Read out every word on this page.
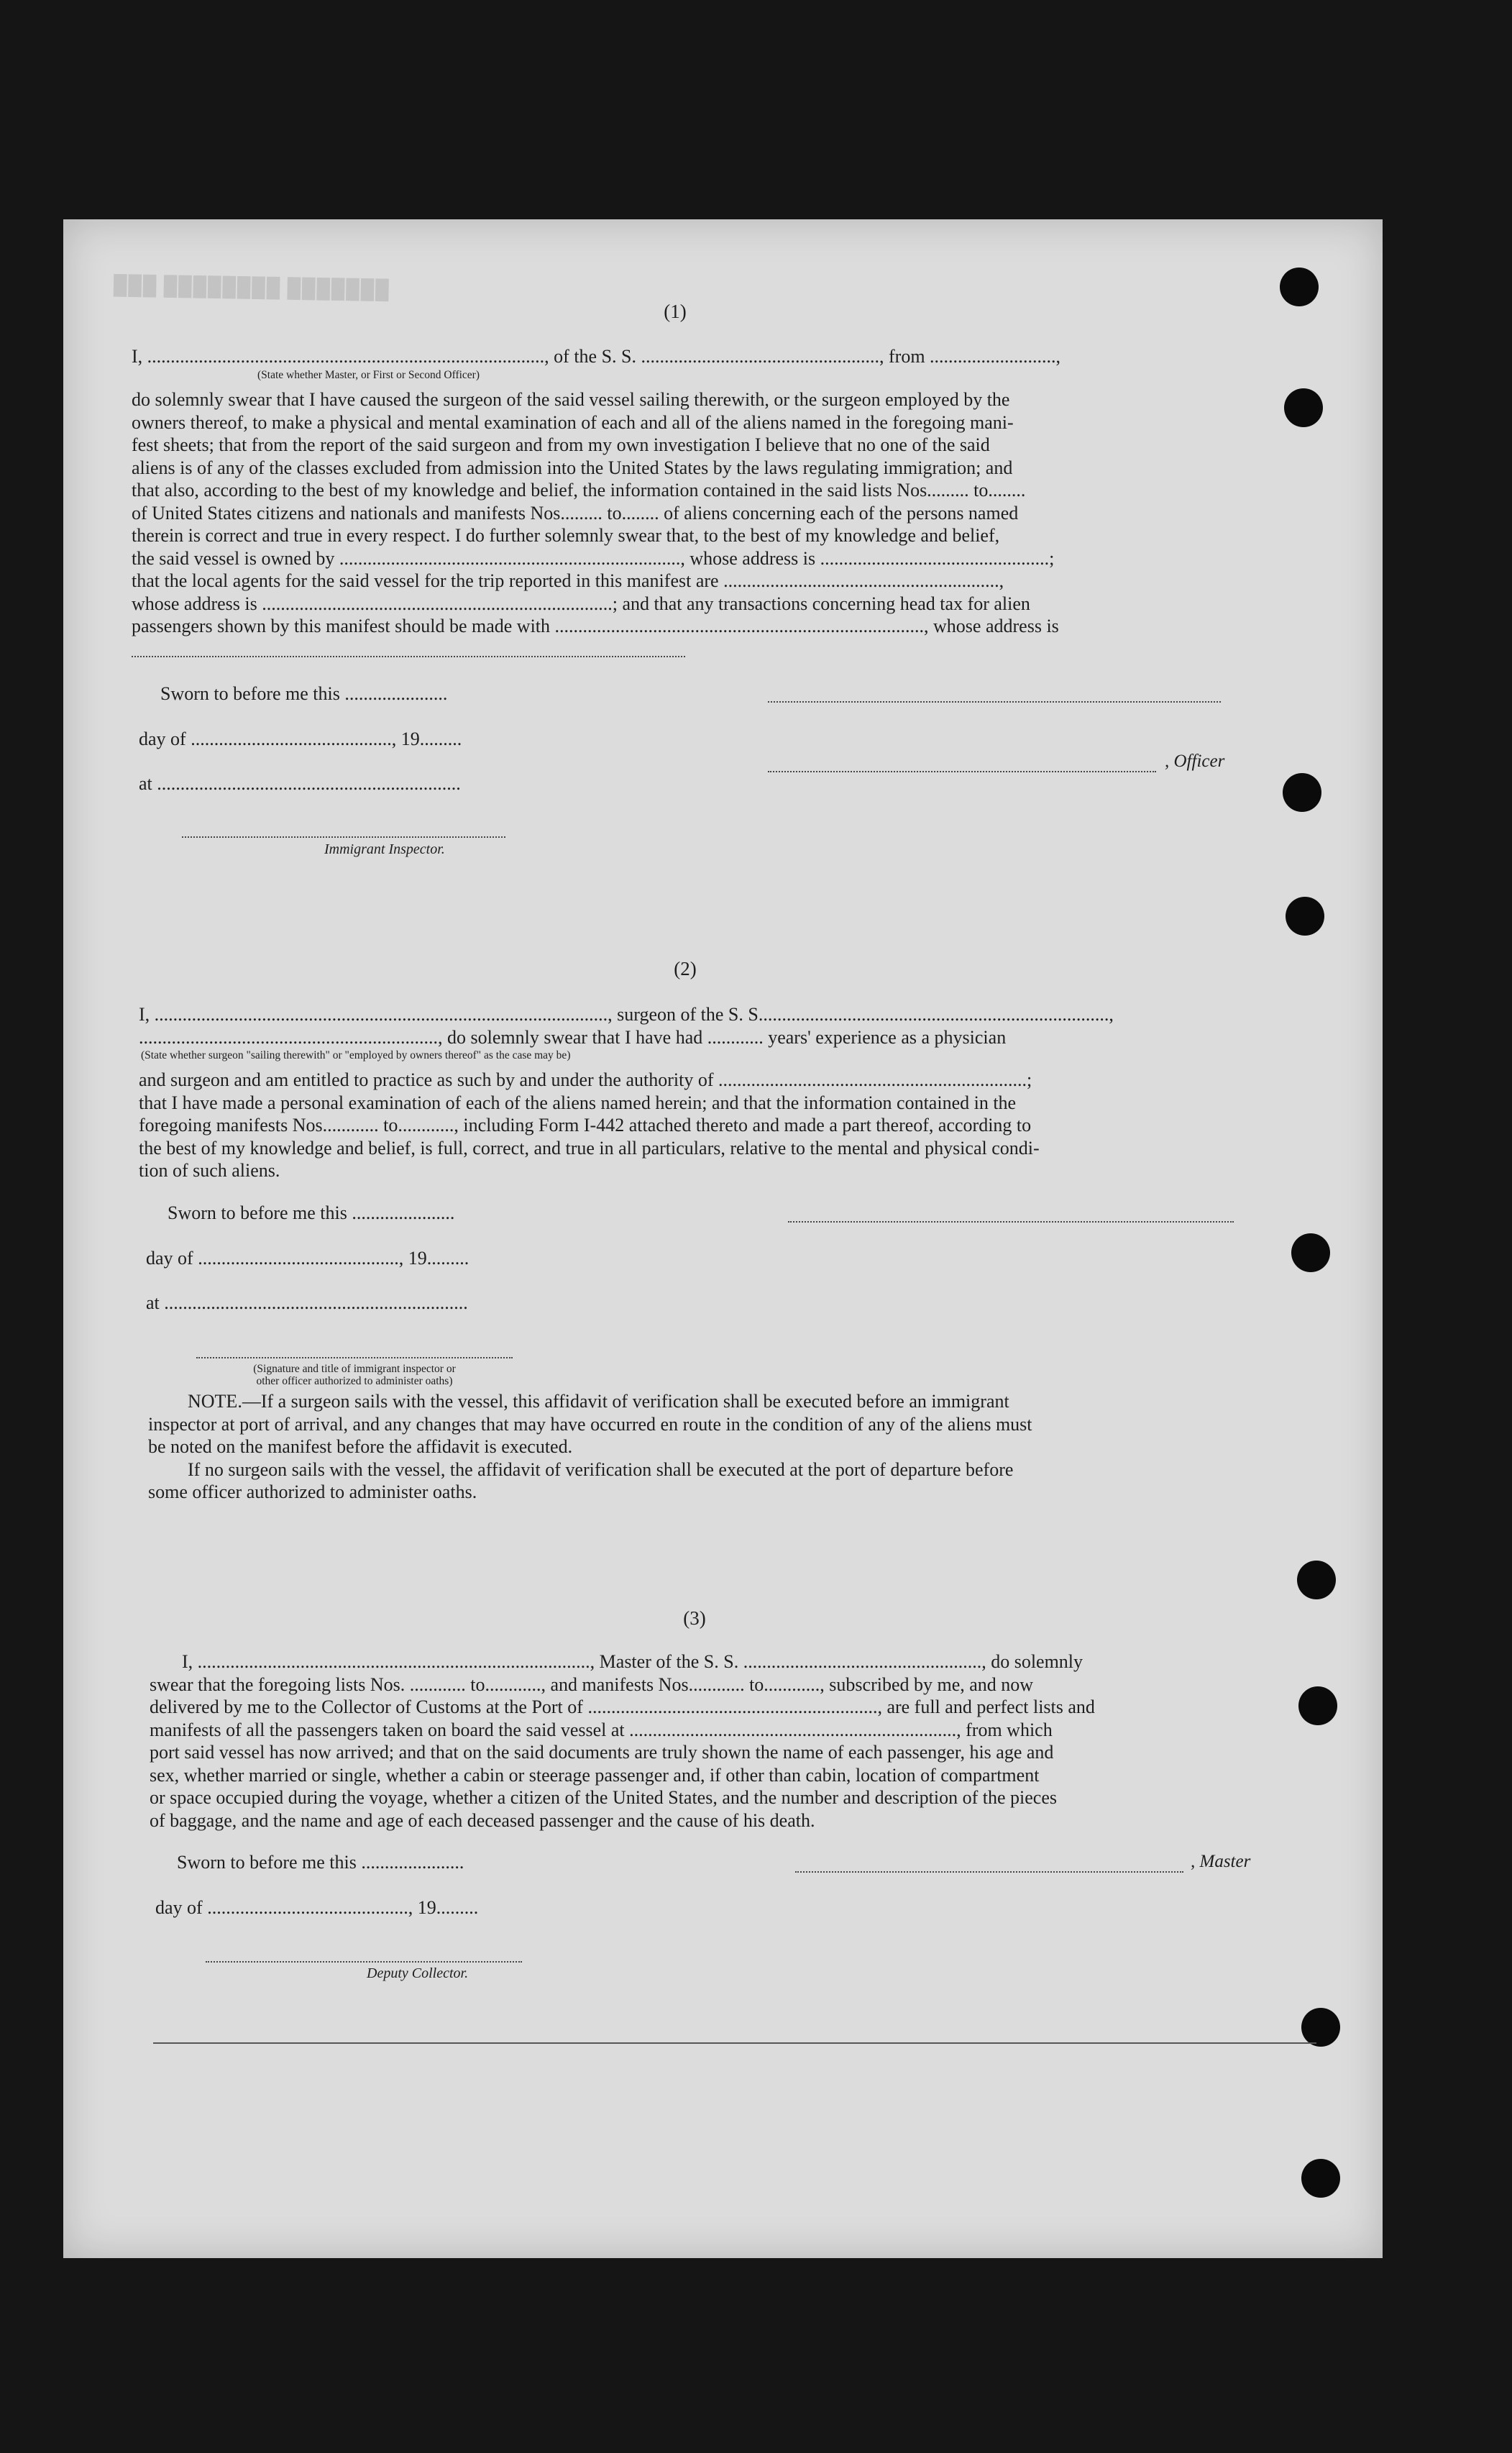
███ ████████ ███████
(1)

I, ....................................................................................., of the S. S. ..................................................., from ...........................,

(State whether Master, or First or Second Officer)

do solemnly swear that I have caused the surgeon of the said vessel sailing therewith, or the surgeon employed by the

owners thereof, to make a physical and mental examination of each and all of the aliens named in the foregoing mani-

fest sheets; that from the report of the said surgeon and from my own investigation I believe that no one of the said

aliens is of any of the classes excluded from admission into the United States by the laws regulating immigration; and

that also, according to the best of my knowledge and belief, the information contained in the said lists Nos......... to........

of United States citizens and nationals and manifests Nos......... to........ of aliens concerning each of the persons named

therein is correct and true in every respect. I do further solemnly swear that, to the best of my knowledge and belief,

the said vessel is owned by ........................................................................., whose address is .................................................;

that the local agents for the said vessel for the trip reported in this manifest are ...........................................................,

whose address is ...........................................................................; and that any transactions concerning head tax for alien

passengers shown by this manifest should be made with ..............................................................................., whose address is

Sworn to before me this ......................
day of ..........................................., 19.........
at .................................................................
Immigrant Inspector.
, Officer
(2)

I, ................................................................................................., surgeon of the S. S...........................................................................,

................................................................, do solemnly swear that I have had ............ years' experience as a physician

(State whether surgeon "sailing therewith" or "employed by owners thereof" as the case may be)

and surgeon and am entitled to practice as such by and under the authority of ..................................................................;

that I have made a personal examination of each of the aliens named herein; and that the information contained in the

foregoing manifests Nos............ to............, including Form I-442 attached thereto and made a part thereof, according to

the best of my knowledge and belief, is full, correct, and true in all particulars, relative to the mental and physical condi-

tion of such aliens.

Sworn to before me this ......................
day of ..........................................., 19.........
at .................................................................
(Signature and title of immigrant inspector or
other officer authorized to administer oaths)

NOTE.—If a surgeon sails with the vessel, this affidavit of verification shall be executed before an immigrant

inspector at port of arrival, and any changes that may have occurred en route in the condition of any of the aliens must

be noted on the manifest before the affidavit is executed.

If no surgeon sails with the vessel, the affidavit of verification shall be executed at the port of departure before

some officer authorized to administer oaths.

(3)

I, ...................................................................................., Master of the S. S. ..................................................., do solemnly

swear that the foregoing lists Nos. ............ to............, and manifests Nos............ to............, subscribed by me, and now

delivered by me to the Collector of Customs at the Port of .............................................................., are full and perfect lists and

manifests of all the passengers taken on board the said vessel at ......................................................................, from which

port said vessel has now arrived; and that on the said documents are truly shown the name of each passenger, his age and

sex, whether married or single, whether a cabin or steerage passenger and, if other than cabin, location of compartment

or space occupied during the voyage, whether a citizen of the United States, and the number and description of the pieces

of baggage, and the name and age of each deceased passenger and the cause of his death.

Sworn to before me this ......................	, Master
day of ..........................................., 19.........
Deputy Collector.
